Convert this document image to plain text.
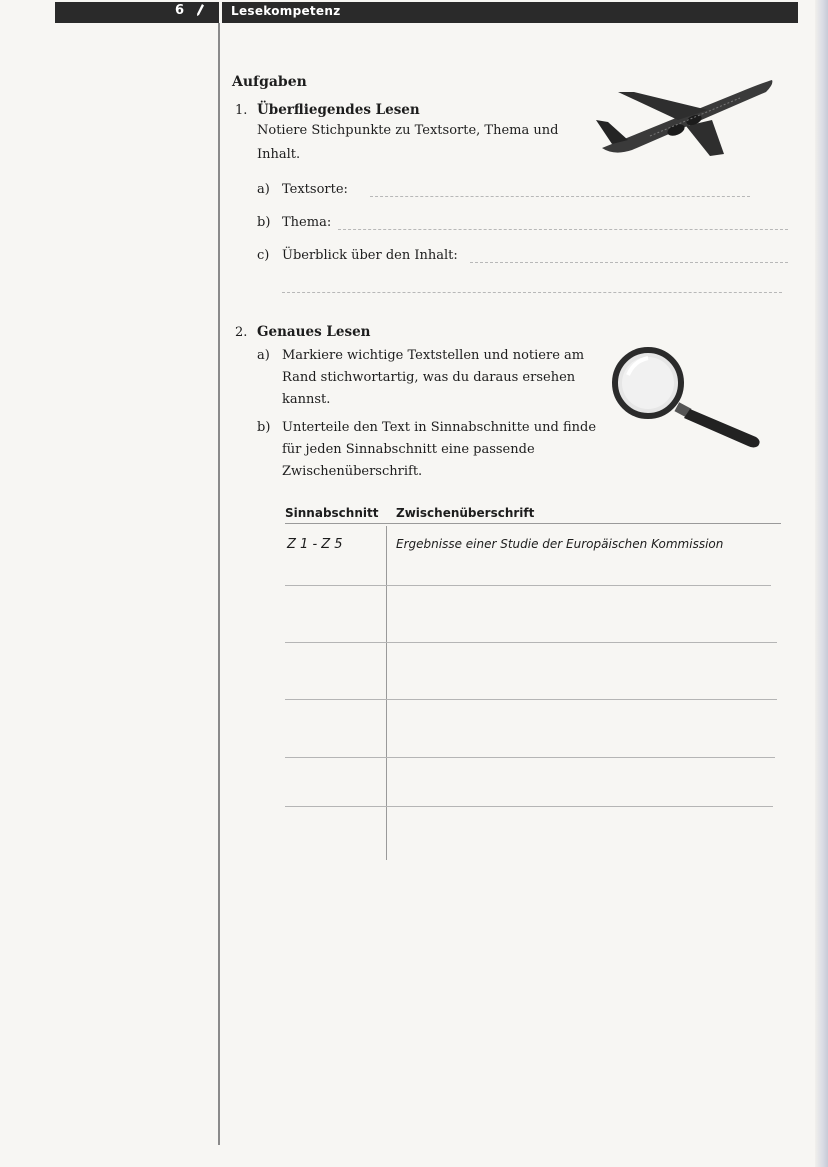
6	Lesekompetenz
Aufgaben
1. Überfliegendes Lesen
Notiere Stichpunkte zu Textsorte, Thema und
Inhalt.
a) Textsorte:
b) Thema:
c) Überblick über den Inhalt:
2. Genaues Lesen
a) Markiere wichtige Textstellen und notiere am
Rand stichwortartig, was du daraus ersehen
kannst.
b) Unterteile den Text in Sinnabschnitte und finde
für jeden Sinnabschnitt eine passende
Zwischenüberschrift.
Sinnabschnitt Zwischenüberschrift
Z 1 - Z 5	Ergebnisse einer Studie der Europäischen Kommission
